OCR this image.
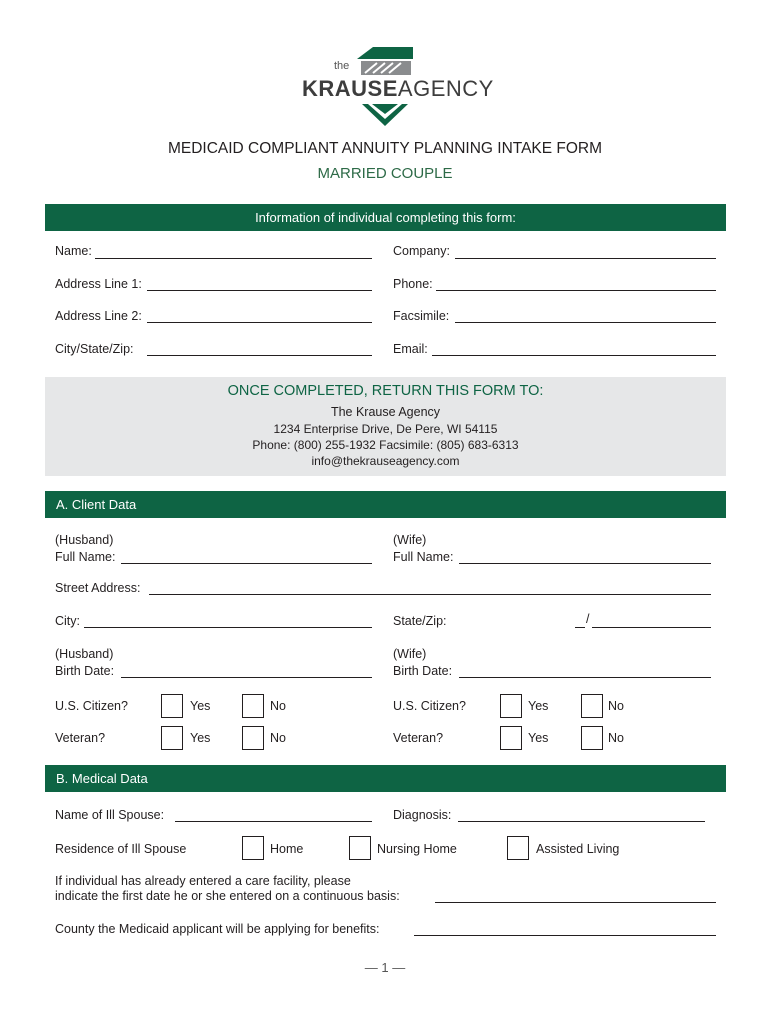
the
KRAUSEAGENCY
MEDICAID COMPLIANT ANNUITY PLANNING INTAKE FORM
MARRIED COUPLE
Information of individual completing this form:
Name:	Company:
Address Line 1:	Phone:
Address Line 2:	Facsimile:
City/State/Zip:	Email:
ONCE COMPLETED, RETURN THIS FORM TO:
The Krause Agency
1234 Enterprise Drive, De Pere, WI 54115
Phone: (800) 255-1932 Facsimile: (805) 683-6313
info@thekrauseagency.com
A. Client Data
(Husband)
Full Name:
(Wife)
Full Name:
Street Address:
City:	State/Zip:	/
(Husband)
Birth Date:
(Wife)
Birth Date:
U.S. Citizen?	Yes	No	U.S. Citizen?	Yes	No
Veteran?	Yes	No	Veteran?	Yes	No
B. Medical Data
Name of Ill Spouse:	Diagnosis:
Residence of Ill Spouse	Home	Nursing Home	Assisted Living
If individual has already entered a care facility, please
indicate the first date he or she entered on a continuous basis:
County the Medicaid applicant will be applying for benefits:
— 1 —
